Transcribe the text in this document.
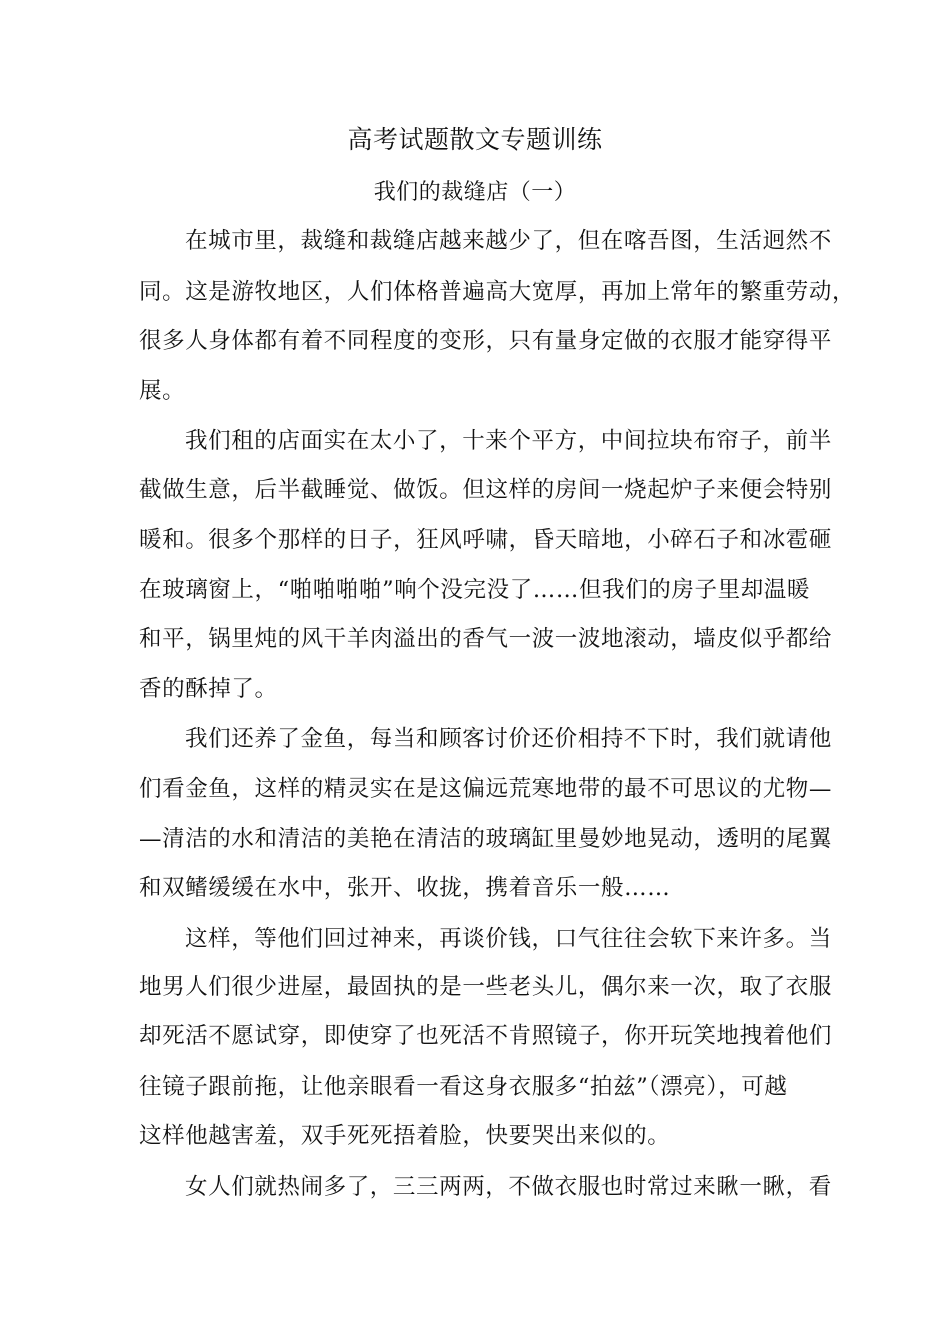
高考试题散文专题训练
我们的裁缝店（一）
在城市里，裁缝和裁缝店越来越少了，但在喀吾图，生活迥然不
同。这是游牧地区，人们体格普遍高大宽厚，再加上常年的繁重劳动，
很多人身体都有着不同程度的变形，只有量身定做的衣服才能穿得平
展。
我们租的店面实在太小了，十来个平方，中间拉块布帘子，前半
截做生意，后半截睡觉、做饭。但这样的房间一烧起炉子来便会特别
暖和。很多个那样的日子，狂风呼啸，昏天暗地，小碎石子和冰雹砸
在玻璃窗上，“啪啪啪啪”响个没完没了……但我们的房子里却温暖
和平，锅里炖的风干羊肉溢出的香气一波一波地滚动，墙皮似乎都给
香的酥掉了。
我们还养了金鱼，每当和顾客讨价还价相持不下时，我们就请他
们看金鱼，这样的精灵实在是这偏远荒寒地带的最不可思议的尤物—
—清洁的水和清洁的美艳在清洁的玻璃缸里曼妙地晃动，透明的尾翼
和双鳍缓缓在水中，张开、收拢，携着音乐一般……
这样，等他们回过神来，再谈价钱，口气往往会软下来许多。当
地男人们很少进屋，最固执的是一些老头儿，偶尔来一次，取了衣服
却死活不愿试穿，即使穿了也死活不肯照镜子，你开玩笑地拽着他们
往镜子跟前拖，让他亲眼看一看这身衣服多“拍兹”（漂亮），可越
这样他越害羞，双手死死捂着脸，快要哭出来似的。
女人们就热闹多了，三三两两，不做衣服也时常过来瞅一瞅，看
